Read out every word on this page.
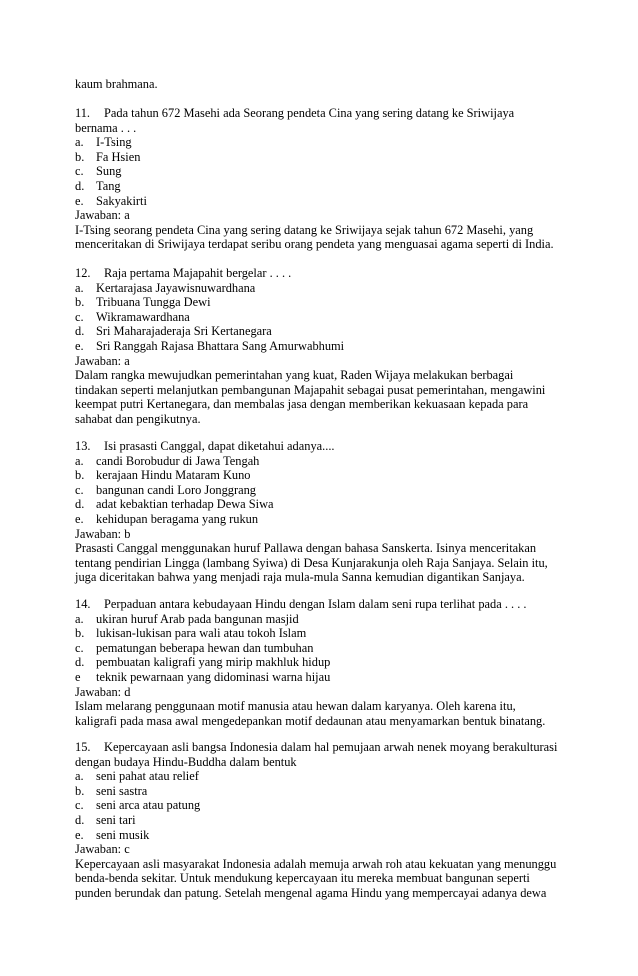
kaum brahmana.
11. Pada tahun 672 Masehi ada Seorang pendeta Cina yang sering datang ke Sriwijaya
bernama . . .
a. I-Tsing
b. Fa Hsien
c. Sung
d. Tang
e. Sakyakirti
Jawaban: a
I-Tsing seorang pendeta Cina yang sering datang ke Sriwijaya sejak tahun 672 Masehi, yang
menceritakan di Sriwijaya terdapat seribu orang pendeta yang menguasai agama seperti di India.
12. Raja pertama Majapahit bergelar . . . .
a. Kertarajasa Jayawisnuwardhana
b. Tribuana Tungga Dewi
c. Wikramawardhana
d. Sri Maharajaderaja Sri Kertanegara
e. Sri Ranggah Rajasa Bhattara Sang Amurwabhumi
Jawaban: a
Dalam rangka mewujudkan pemerintahan yang kuat, Raden Wijaya melakukan berbagai
tindakan seperti melanjutkan pembangunan Majapahit sebagai pusat pemerintahan, mengawini
keempat putri Kertanegara, dan membalas jasa dengan memberikan kekuasaan kepada para
sahabat dan pengikutnya.
13. Isi prasasti Canggal, dapat diketahui adanya....
a. candi Borobudur di Jawa Tengah
b. kerajaan Hindu Mataram Kuno
c. bangunan candi Loro Jonggrang
d. adat kebaktian terhadap Dewa Siwa
e. kehidupan beragama yang rukun
Jawaban: b
Prasasti Canggal menggunakan huruf Pallawa dengan bahasa Sanskerta. Isinya menceritakan
tentang pendirian Lingga (lambang Syiwa) di Desa Kunjarakunja oleh Raja Sanjaya. Selain itu,
juga diceritakan bahwa yang menjadi raja mula-mula Sanna kemudian digantikan Sanjaya.
14. Perpaduan antara kebudayaan Hindu dengan Islam dalam seni rupa terlihat pada . . . .
a. ukiran huruf Arab pada bangunan masjid
b. lukisan-lukisan para wali atau tokoh Islam
c. pematungan beberapa hewan dan tumbuhan
d. pembuatan kaligrafi yang mirip makhluk hidup
e teknik pewarnaan yang didominasi warna hijau
Jawaban: d
Islam melarang penggunaan motif manusia atau hewan dalam karyanya. Oleh karena itu,
kaligrafi pada masa awal mengedepankan motif dedaunan atau menyamarkan bentuk binatang.
15. Kepercayaan asli bangsa Indonesia dalam hal pemujaan arwah nenek moyang berakulturasi
dengan budaya Hindu-Buddha dalam bentuk
a. seni pahat atau relief
b. seni sastra
c. seni arca atau patung
d. seni tari
e. seni musik
Jawaban: c
Kepercayaan asli masyarakat Indonesia adalah memuja arwah roh atau kekuatan yang menunggu
benda-benda sekitar. Untuk mendukung kepercayaan itu mereka membuat bangunan seperti
punden berundak dan patung. Setelah mengenal agama Hindu yang mempercayai adanya dewa
